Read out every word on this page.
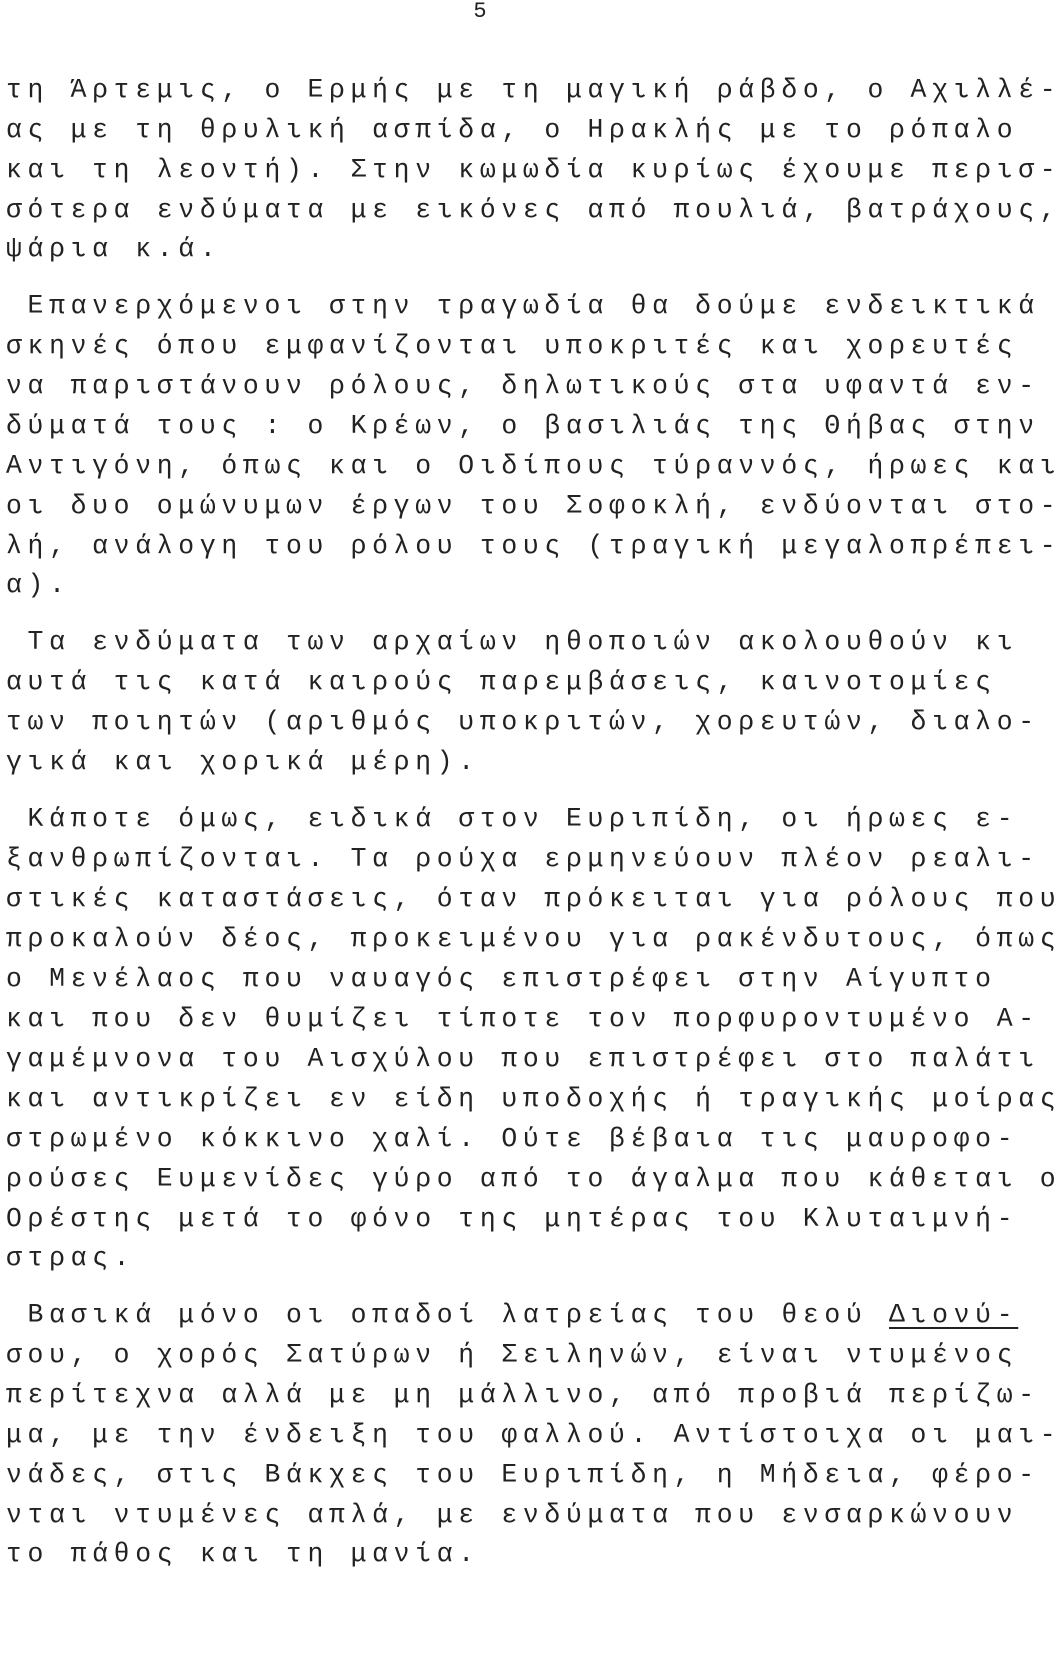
5
τη Άρτεμις, ο Ερμής με τη μαγική ράβδο, ο Αχιλλέ-
ας με τη θρυλική ασπίδα, ο Ηρακλής με το ρόπαλο
και τη λεοντή). Στην κωμωδία κυρίως έχουμε περισ-
σότερα ενδύματα με εικόνες από πουλιά, βατράχους,
ψάρια κ.ά.
Επανερχόμενοι στην τραγωδία θα δούμε ενδεικτικά
σκηνές όπου εμφανίζονται υποκριτές και χορευτές
να παριστάνουν ρόλους, δηλωτικούς στα υφαντά εν-
δύματά τους : ο Κρέων, ο βασιλιάς της Θήβας στην
Αντιγόνη, όπως και ο Οιδίπους τύραννός, ήρωες και
οι δυο ομώνυμων έργων του Σοφοκλή, ενδύονται στο-
λή, ανάλογη του ρόλου τους (τραγική μεγαλοπρέπει-
α).
Τα ενδύματα των αρχαίων ηθοποιών ακολουθούν κι
αυτά τις κατά καιρούς παρεμβάσεις, καινοτομίες
των ποιητών (αριθμός υποκριτών, χορευτών, διαλο-
γικά και χορικά μέρη).
Κάποτε όμως, ειδικά στον Ευριπίδη, οι ήρωες ε-
ξανθρωπίζονται. Τα ρούχα ερμηνεύουν πλέον ρεαλι-
στικές καταστάσεις, όταν πρόκειται για ρόλους που
προκαλούν δέος, προκειμένου για ρακένδυτους, όπως
ο Μενέλαος που ναυαγός επιστρέφει στην Αίγυπτο
και που δεν θυμίζει τίποτε τον πορφυροντυμένο Α-
γαμέμνονα του Αισχύλου που επιστρέφει στο παλάτι
και αντικρίζει εν είδη υποδοχής ή τραγικής μοίρας
στρωμένο κόκκινο χαλί. Ούτε βέβαια τις μαυροφο-
ρούσες Ευμενίδες γύρο από το άγαλμα που κάθεται ο
Ορέστης μετά το φόνο της μητέρας του Κλυταιμνή-
στρας.
Βασικά μόνο οι οπαδοί λατρείας του θεού Διονύ-
σου, ο χορός Σατύρων ή Σειληνών, είναι ντυμένος
περίτεχνα αλλά με μη μάλλινο, από προβιά περίζω-
μα, με την ένδειξη του φαλλού. Αντίστοιχα οι μαι-
νάδες, στις Βάκχες του Ευριπίδη, η Μήδεια, φέρο-
νται ντυμένες απλά, με ενδύματα που ενσαρκώνουν
το πάθος και τη μανία.
